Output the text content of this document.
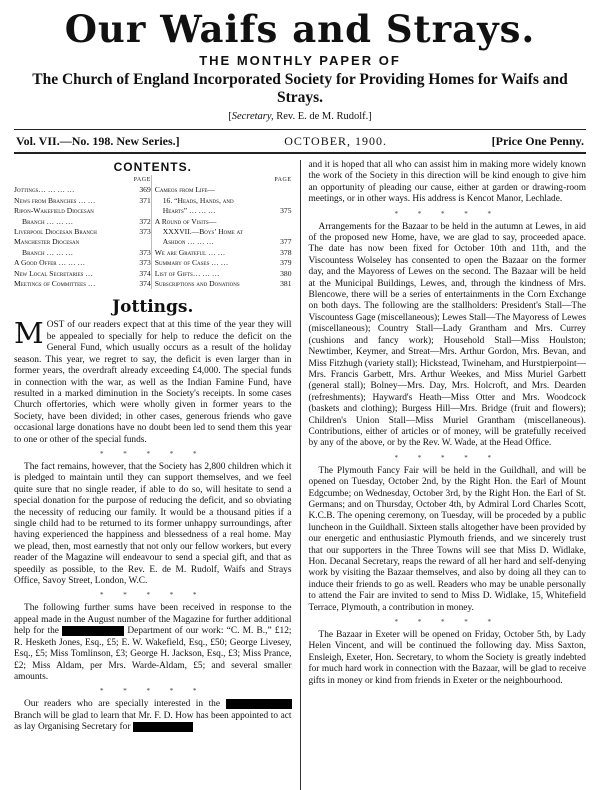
Our Waifs and Strays.
THE MONTHLY PAPER OF
The Church of England Incorporated Society for Providing Homes for Waifs and Strays.
[Secretary, Rev. E. de M. Rudolf.]
Vol. VII.—No. 198. New Series.]	OCTOBER, 1900.	[Price One Penny.
CONTENTS.
PAGE
Jottings… … … …	369
News from Branches … …	371
Ripon-Wakefield Diocesan
Branch … … …	372
Liverpool Diocesan Branch	373
Manchester Diocesan
Branch … … …	373
A Good Offer … … …	373
New Local Secretaries …	374
Meetings of Committees …	374
PAGE
Cameos from Life—
16. “Heads, Hands, and
Hearts” … … …	375
A Round of Visits—
XXXVII.—Boys’ Home at
Ashdon … … …	377
We are Grateful … …	378
Summary of Cases … …	379
List of Gifts… … …	380
Subscriptions and Donations	381
Jottings.

MOST of our readers expect that at this time of the year they will be appealed to specially for help to reduce the deficit on the General Fund, which usually occurs as a result of the holiday season. This year, we regret to say, the deficit is even larger than in former years, the overdraft already exceeding £4,000. The special funds in connection with the war, as well as the Indian Famine Fund, have resulted in a marked diminution in the Society's receipts. In some cases Church offertories, which were wholly given in former years to the Society, have been divided; in other cases, generous friends who gave occasional large donations have no doubt been led to send them this year to one or other of the special funds.

* * * * *

The fact remains, however, that the Society has 2,800 children which it is pledged to maintain until they can support themselves, and we feel quite sure that no single reader, if able to do so, will hesitate to send a special donation for the purpose of reducing the deficit, and so obviating the necessity of reducing our family. It would be a thousand pities if a single child had to be returned to its former unhappy surroundings, after having experienced the happiness and blessedness of a real home. May we plead, then, most earnestly that not only our fellow workers, but every reader of the Magazine will endeavour to send a special gift, and that as speedily as possible, to the Rev. E. de M. Rudolf, Waifs and Strays Office, Savoy Street, London, W.C.

* * * * *

The following further sums have been received in response to the appeal made in the August number of the Magazine for further additional help for the	Department of our work: “C. M. B.,” £12; R. Hesketh Jones, Esq., £5; E. W. Wakefield, Esq., £50; George Livesey, Esq., £5; Miss Tomlinson, £3; George H. Jackson, Esq., £3; Miss Prance, £2; Miss Aldam, per Mrs. Warde-Aldam, £5; and several smaller amounts.

* * * * *

Our readers who are specially interested in the  Branch will be glad to learn that Mr. F. D. How has been appointed to act as lay Organising Secretary for

and it is hoped that all who can assist him in making more widely known the work of the Society in this direction will be kind enough to give him an opportunity of pleading our cause, either at garden or drawing-room meetings, or in other ways. His address is Kencot Manor, Lechlade.

* * * * *

Arrangements for the Bazaar to be held in the autumn at Lewes, in aid of the proposed new Home, have, we are glad to say, proceeded apace. The date has now been fixed for October 10th and 11th, and the Viscountess Wolseley has consented to open the Bazaar on the former day, and the Mayoress of Lewes on the second. The Bazaar will be held at the Municipal Buildings, Lewes, and, through the kindness of Mrs. Blencowe, there will be a series of entertainments in the Corn Exchange on both days. The following are the stallholders: President's Stall—The Viscountess Gage (miscellaneous); Lewes Stall—The Mayoress of Lewes (miscellaneous); Country Stall—Lady Grantham and Mrs. Currey (cushions and fancy work); Household Stall—Miss Houlston; Newtimber, Keymer, and Streat—Mrs. Arthur Gordon, Mrs. Bevan, and Miss Fitzhugh (variety stall); Hickstead, Twineham, and Hurstpierpoint—Mrs. Francis Garbett, Mrs. Arthur Weekes, and Miss Muriel Garbett (general stall); Bolney—Mrs. Day, Mrs. Holcroft, and Mrs. Dearden (refreshments); Hayward's Heath—Miss Otter and Mrs. Woodcock (baskets and clothing); Burgess Hill—Mrs. Bridge (fruit and flowers); Children's Union Stall—Miss Muriel Grantham (miscellaneous). Contributions, either of articles or of money, will be gratefully received by any of the above, or by the Rev. W. Wade, at the Head Office.

* * * * *

The Plymouth Fancy Fair will be held in the Guildhall, and will be opened on Tuesday, October 2nd, by the Right Hon. the Earl of Mount Edgcumbe; on Wednesday, October 3rd, by the Right Hon. the Earl of St. Germans; and on Thursday, October 4th, by Admiral Lord Charles Scott, K.C.B. The opening ceremony, on Tuesday, will be proceded by a public luncheon in the Guildhall. Sixteen stalls altogether have been provided by our energetic and enthusiastic Plymouth friends, and we sincerely trust that our supporters in the Three Towns will see that Miss D. Widlake, Hon. Decanal Secretary, reaps the reward of all her hard and self-denying work by visiting the Bazaar themselves, and also by doing all they can to induce their friends to go as well. Readers who may be unable personally to attend the Fair are invited to send to Miss D. Widlake, 15, Whitefield Terrace, Plymouth, a contribution in money.

* * * * *

The Bazaar in Exeter will be opened on Friday, October 5th, by Lady Helen Vincent, and will be continued the following day. Miss Saxton, Ensleigh, Exeter, Hon. Secretary, to whom the Society is greatly indebted for much hard work in connection with the Bazaar, will be glad to receive gifts in money or kind from friends in Exeter or the neighbourhood.
